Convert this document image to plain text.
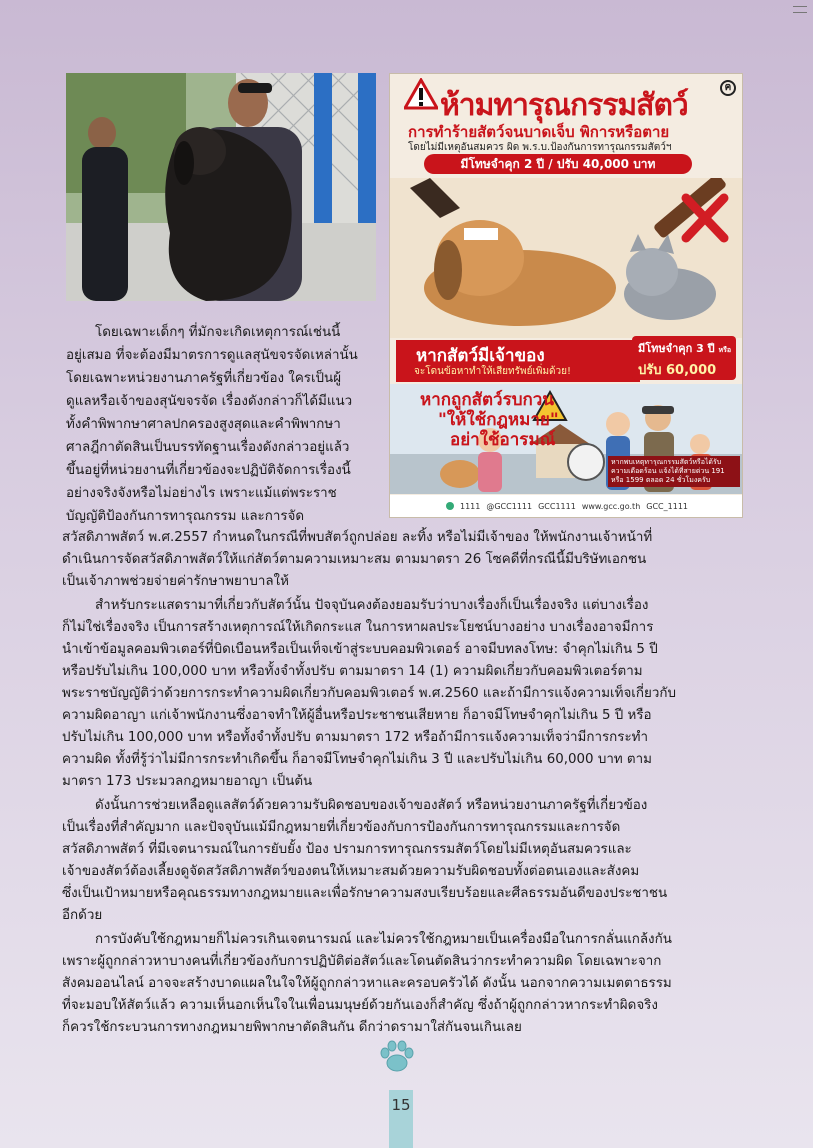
ห้ามทารุณกรรมสัตว์
ฅ
การทำร้ายสัตว์จนบาดเจ็บ พิการหรือตาย
โดยไม่มีเหตุอันสมควร ผิด พ.ร.บ.ป้องกันการทารุณกรรมสัตว์ฯ
มีโทษจำคุก 2 ปี / ปรับ 40,000 บาท
หากสัตว์มีเจ้าของ
จะโดนข้อหาทำให้เสียทรัพย์เพิ่มด้วย!
มีโทษจำคุก 3 ปี หรือ
ปรับ 60,000
หากถูกสัตว์รบกวน
"ให้ใช้กฎหมาย"
อย่าใช้อารมณ์
หากพบเหตุทารุณกรรมสัตว์หรือได้รับความเดือดร้อน แจ้งได้ที่สายด่วน 191 หรือ 1599 ตลอด 24 ชั่วโมงครับ
1111 @GCC1111 GCC1111 www.gcc.go.th GCC_1111
โดยเฉพาะเด็กๆ ที่มักจะเกิดเหตุการณ์เช่นนี้
อยู่เสมอ ที่จะต้องมีมาตรการดูแลสุนัขจรจัดเหล่านั้น
โดยเฉพาะหน่วยงานภาครัฐที่เกี่ยวข้อง ใครเป็นผู้
ดูแลหรือเจ้าของสุนัขจรจัด เรื่องดังกล่าวก็ได้มีแนว
ทั้งคำพิพากษาศาลปกครองสูงสุดและคำพิพากษา
ศาลฎีกาตัดสินเป็นบรรทัดฐานเรื่องดังกล่าวอยู่แล้ว
ขึ้นอยู่ที่หน่วยงานที่เกี่ยวข้องจะปฏิบัติจัดการเรื่องนี้
อย่างจริงจังหรือไม่อย่างไร เพราะแม้แต่พระราช
บัญญัติป้องกันการทารุณกรรม และการจัด
สวัสดิภาพสัตว์ พ.ศ.2557 กำหนดในกรณีที่พบสัตว์ถูกปล่อย ละทิ้ง หรือไม่มีเจ้าของ ให้พนักงานเจ้าหน้าที่
ดำเนินการจัดสวัสดิภาพสัตว์ให้แก่สัตว์ตามความเหมาะสม ตามมาตรา 26 โซคดีที่กรณีนี้มีบริษัทเอกชน
เป็นเจ้าภาพช่วยจ่ายค่ารักษาพยาบาลให้
สำหรับกระแสดรามาที่เกี่ยวกับสัตว์นั้น ปัจจุบันคงต้องยอมรับว่าบางเรื่องก็เป็นเรื่องจริง แต่บางเรื่อง
ก็ไม่ใช่เรื่องจริง เป็นการสร้างเหตุการณ์ให้เกิดกระแส ในการหาผลประโยชน์บางอย่าง บางเรื่องอาจมีการ
นำเข้าข้อมูลคอมพิวเตอร์ที่บิดเบือนหรือเป็นเท็จเข้าสู่ระบบคอมพิวเตอร์ อาจมีบทลงโทษ: จำคุกไม่เกิน 5 ปี
หรือปรับไม่เกิน 100,000 บาท หรือทั้งจำทั้งปรับ ตามมาตรา 14 (1) ความผิดเกี่ยวกับคอมพิวเตอร์ตาม
พระราชบัญญัติว่าด้วยการกระทำความผิดเกี่ยวกับคอมพิวเตอร์ พ.ศ.2560 และถ้ามีการแจ้งความเท็จเกี่ยวกับ
ความผิดอาญา แก่เจ้าพนักงานซึ่งอาจทำให้ผู้อื่นหรือประชาชนเสียหาย ก็อาจมีโทษจำคุกไม่เกิน 5 ปี หรือ
ปรับไม่เกิน 100,000 บาท หรือทั้งจำทั้งปรับ ตามมาตรา 172 หรือถ้ามีการแจ้งความเท็จว่ามีการกระทำ
ความผิด ทั้งที่รู้ว่าไม่มีการกระทำเกิดขึ้น ก็อาจมีโทษจำคุกไม่เกิน 3 ปี และปรับไม่เกิน 60,000 บาท ตาม
มาตรา 173 ประมวลกฎหมายอาญา เป็นต้น
ดังนั้นการช่วยเหลือดูแลสัตว์ด้วยความรับผิดชอบของเจ้าของสัตว์ หรือหน่วยงานภาครัฐที่เกี่ยวข้อง
เป็นเรื่องที่สำคัญมาก และปัจจุบันแม้มีกฎหมายที่เกี่ยวข้องกับการป้องกันการทารุณกรรมและการจัด
สวัสดิภาพสัตว์ ที่มีเจตนารมณ์ในการยับยั้ง ป้อง ปรามการทารุณกรรมสัตว์โดยไม่มีเหตุอันสมควรและ
เจ้าของสัตว์ต้องเลี้ยงดูจัดสวัสดิภาพสัตว์ของตนให้เหมาะสมด้วยความรับผิดชอบทั้งต่อตนเองและสังคม
ซึ่งเป็นเป้าหมายหรือคุณธรรมทางกฎหมายและเพื่อรักษาความสงบเรียบร้อยและศีลธรรมอันดีของประชาชน
อีกด้วย
การบังคับใช้กฎหมายก็ไม่ควรเกินเจตนารมณ์ และไม่ควรใช้กฎหมายเป็นเครื่องมือในการกลั่นแกล้งกัน
เพราะผู้ถูกกล่าวหาบางคนที่เกี่ยวข้องกับการปฏิบัติต่อสัตว์และโดนตัดสินว่ากระทำความผิด โดยเฉพาะจาก
สังคมออนไลน์ อาจจะสร้างบาดแผลในใจให้ผู้ถูกกล่าวหาและครอบครัวได้ ดังนั้น นอกจากความเมตตาธรรม
ที่จะมอบให้สัตว์แล้ว ความเห็นอกเห็นใจในเพื่อนมนุษย์ด้วยกันเองก็สำคัญ ซึ่งถ้าผู้ถูกกล่าวหากระทำผิดจริง
ก็ควรใช้กระบวนการทางกฎหมายพิพากษาตัดสินกัน ดีกว่าดรามาใส่กันจนเกินเลย
15
